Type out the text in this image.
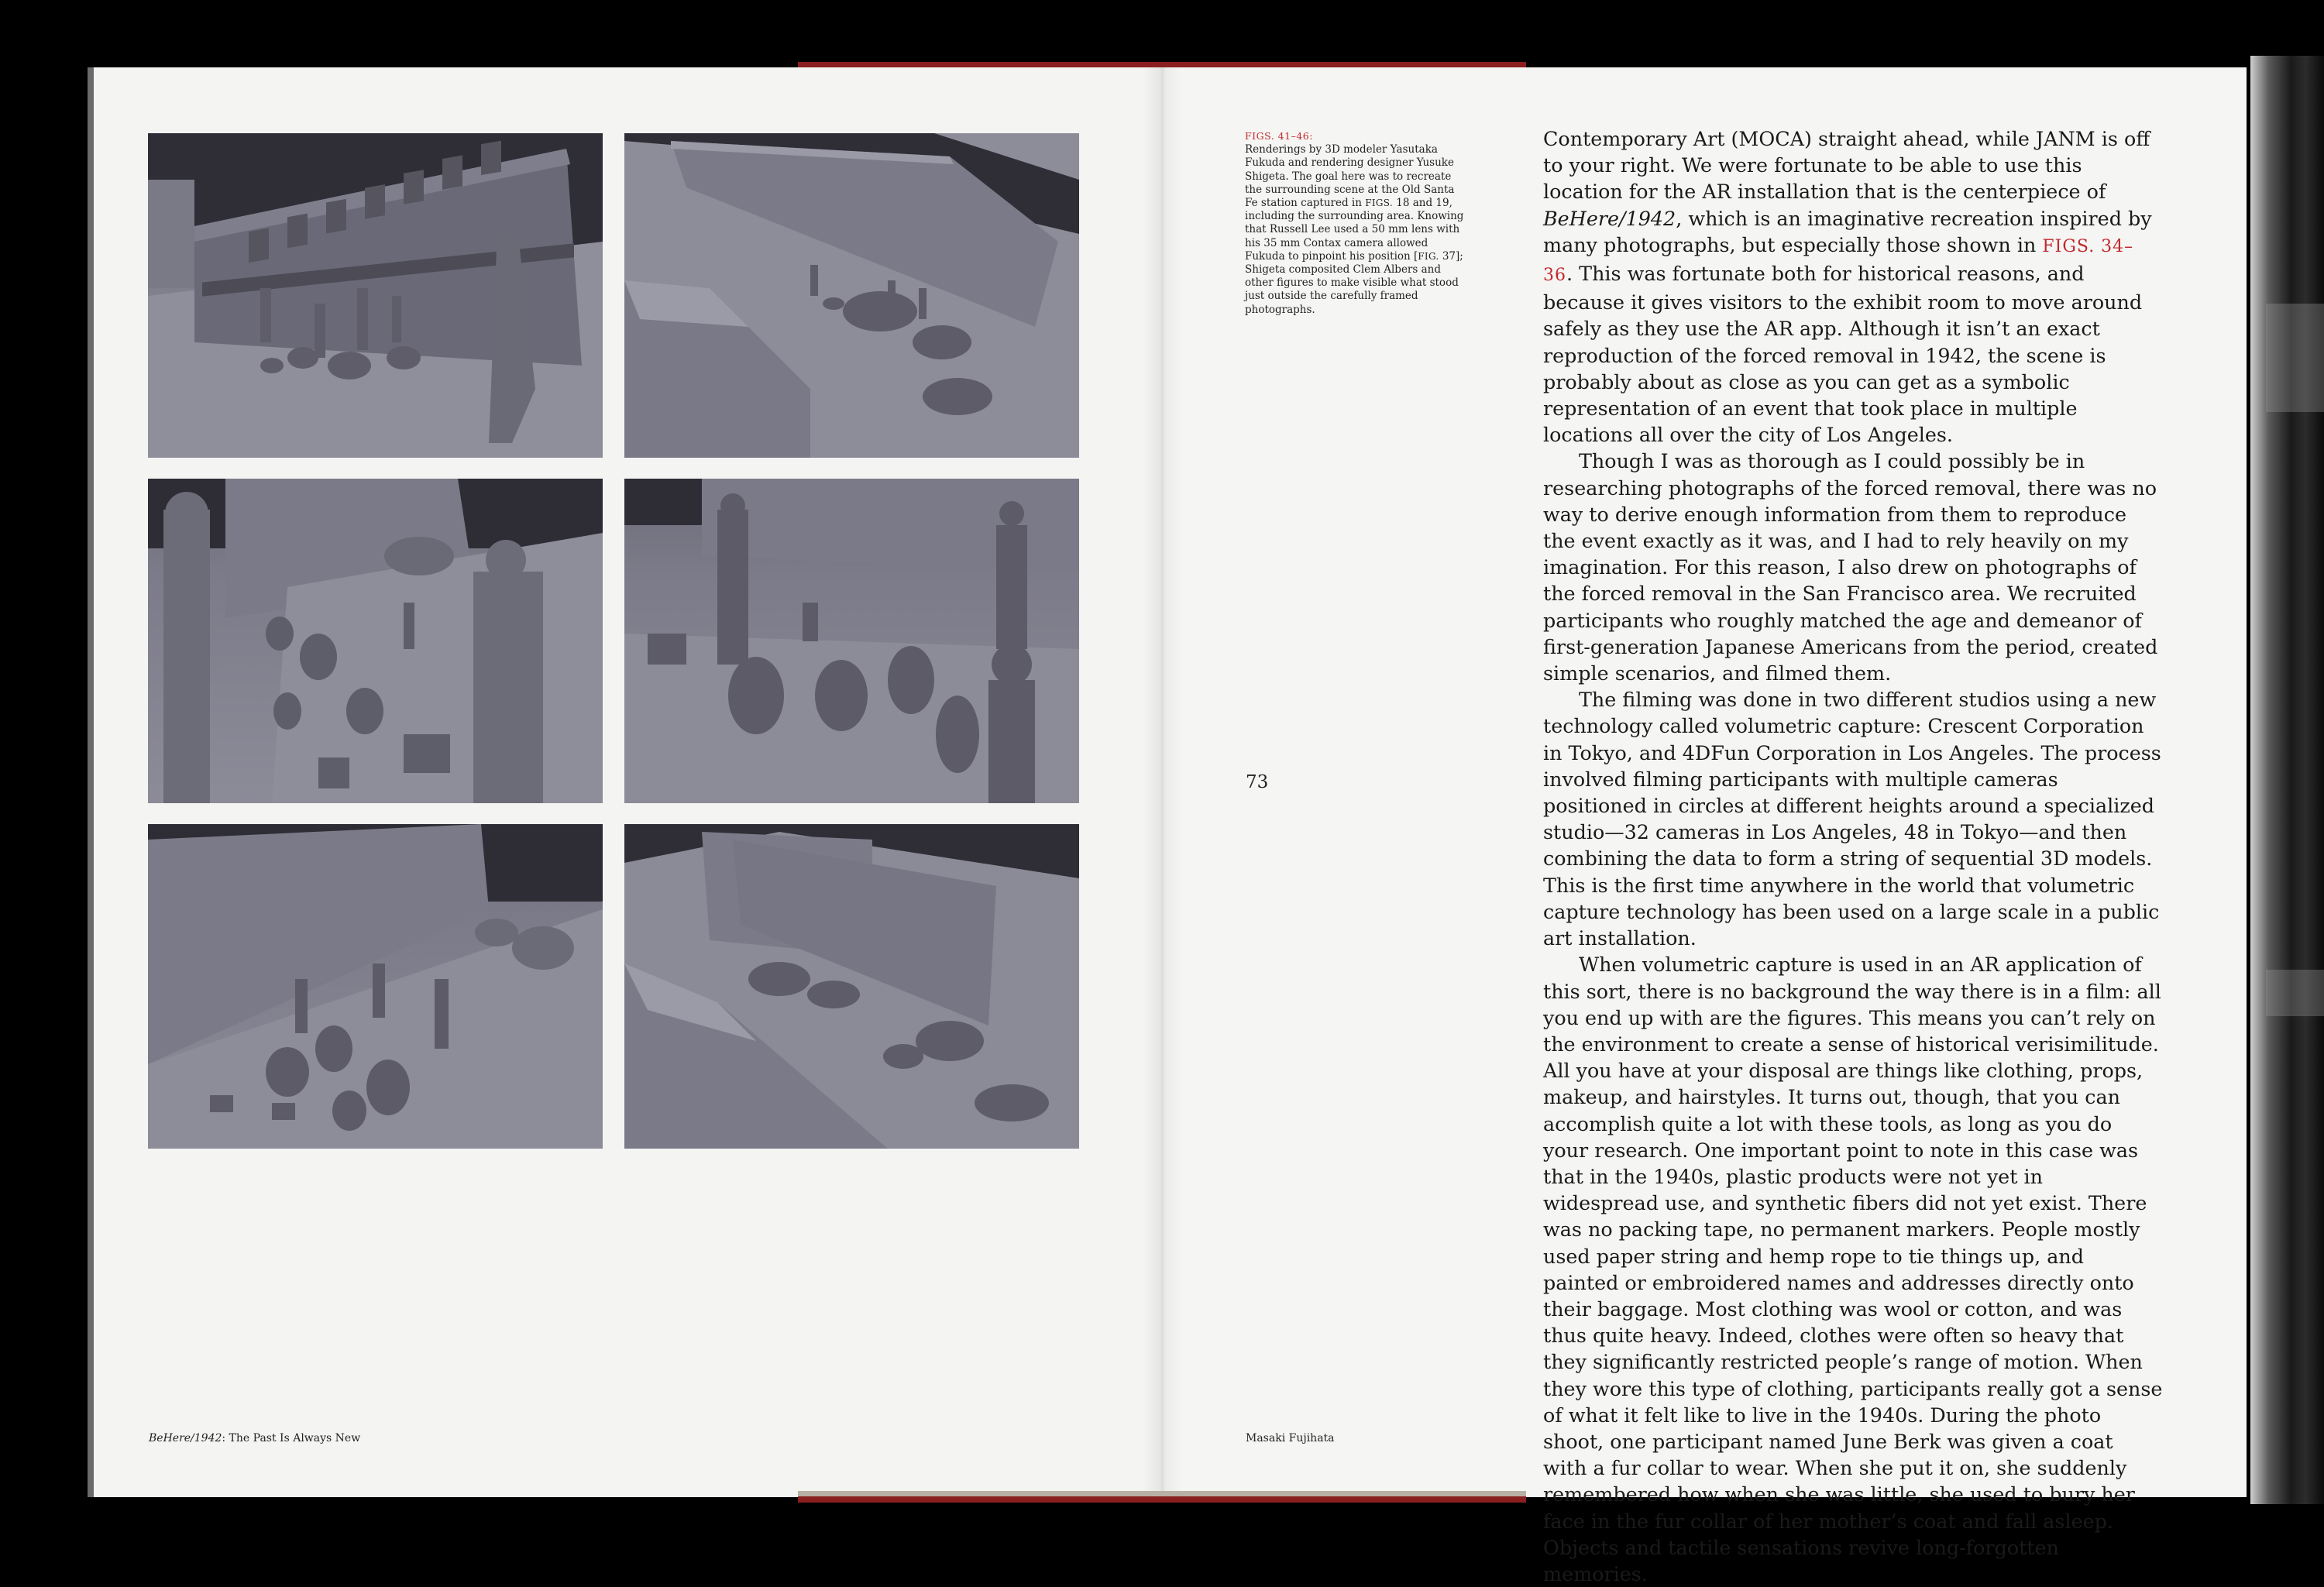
FIGS. 41–46:
Renderings by 3D modeler Yasutaka Fukuda and rendering designer Yusuke Shigeta. The goal here was to recreate the surrounding scene at the Old Santa Fe station captured in FIGS. 18 and 19, including the surrounding area. Knowing that Russell Lee used a 50 mm lens with his 35 mm Contax camera allowed Fukuda to pinpoint his position [FIG. 37]; Shigeta composited Clem Albers and other figures to make visible what stood just outside the carefully framed photographs.
73

Contemporary Art (MOCA) straight ahead, while JANM is off to your right. We were fortunate to be able to use this location for the AR installation that is the centerpiece of BeHere/1942, which is an imaginative recreation inspired by many photographs, but especially those shown in FIGS. 34–36. This was fortunate both for historical reasons, and because it gives visitors to the exhibit room to move around safely as they use the AR app. Although it isn’t an exact reproduction of the forced removal in 1942, the scene is probably about as close as you can get as a symbolic representation of an event that took place in multiple locations all over the city of Los Angeles.

Though I was as thorough as I could possibly be in researching photographs of the forced removal, there was no way to derive enough information from them to reproduce the event exactly as it was, and I had to rely heavily on my imagination. For this reason, I also drew on photographs of the forced removal in the San Francisco area. We recruited participants who roughly matched the age and demeanor of first-generation Japanese Americans from the period, created simple scenarios, and filmed them.

The filming was done in two different studios using a new technology called volumetric capture: Crescent Corporation in Tokyo, and 4DFun Corporation in Los Angeles. The process involved filming participants with multiple cameras positioned in circles at different heights around a specialized studio—32 cameras in Los Angeles, 48 in Tokyo—and then combining the data to form a string of sequential 3D models. This is the first time anywhere in the world that volumetric capture technology has been used on a large scale in a public art installation.

When volumetric capture is used in an AR application of this sort, there is no background the way there is in a film: all you end up with are the figures. This means you can’t rely on the environment to create a sense of historical verisimilitude. All you have at your disposal are things like clothing, props, makeup, and hairstyles. It turns out, though, that you can accomplish quite a lot with these tools, as long as you do your research. One important point to note in this case was that in the 1940s, plastic products were not yet in widespread use, and synthetic fibers did not yet exist. There was no packing tape, no permanent markers. People mostly used paper string and hemp rope to tie things up, and painted or embroidered names and addresses directly onto their baggage. Most clothing was wool or cotton, and was thus quite heavy. Indeed, clothes were often so heavy that they significantly restricted people’s range of motion. When they wore this type of clothing, participants really got a sense of what it felt like to live in the 1940s. During the photo shoot, one participant named June Berk was given a coat with a fur collar to wear. When she put it on, she suddenly remembered how when she was little, she used to bury her face in the fur collar of her mother’s coat and fall asleep. Objects and tactile sensations revive long-forgotten memories.

BeHere/1942: The Past Is Always New	Masaki Fujihata
